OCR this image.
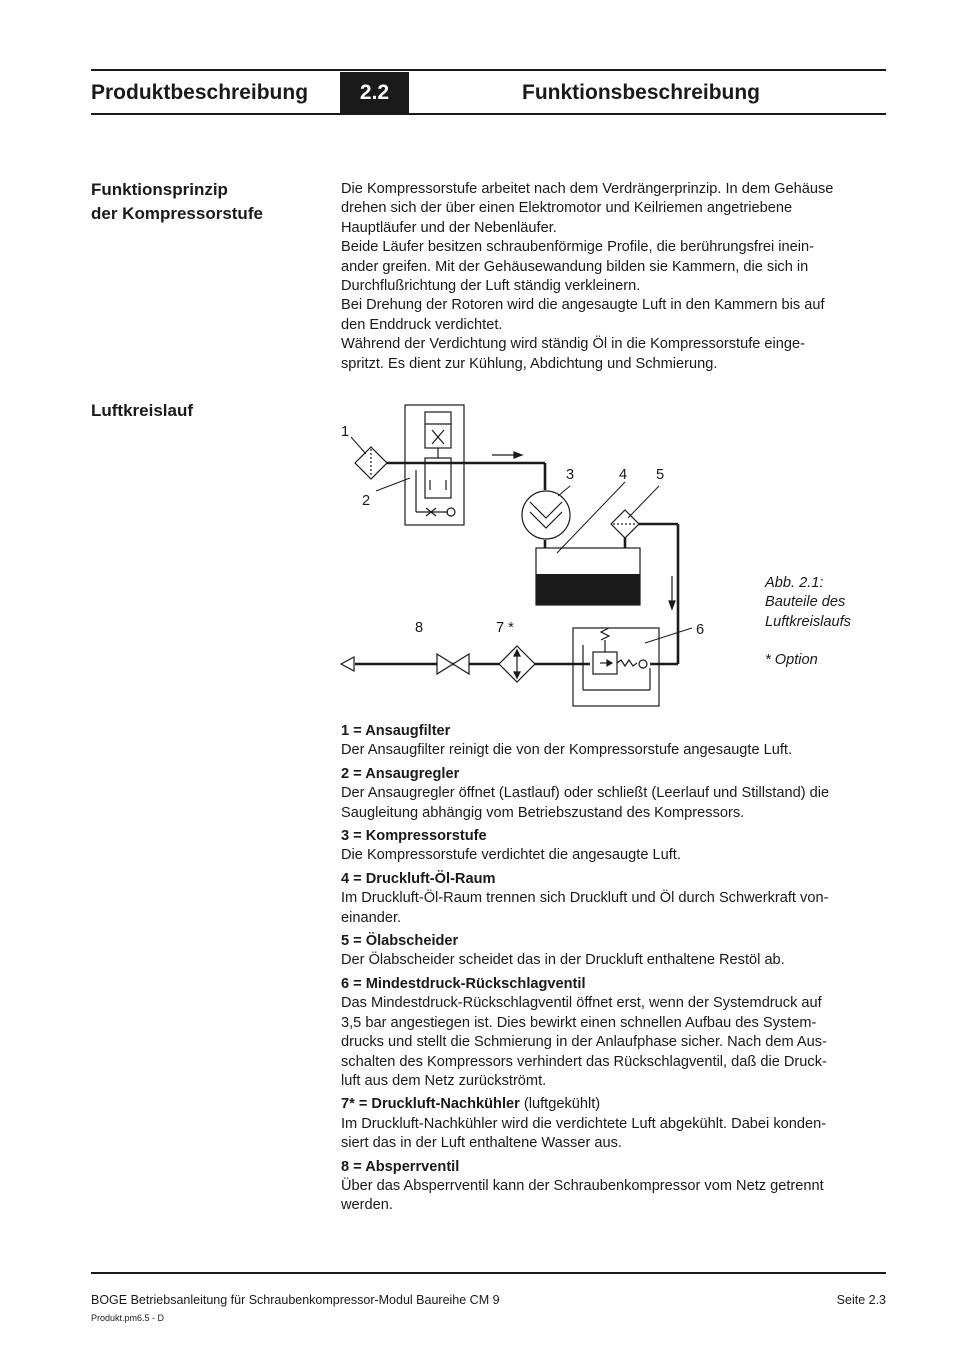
Produktbeschreibung	2.2	Funktionsbeschreibung
Funktionsprinzip
der Kompressorstufe

Die Kompressorstufe arbeitet nach dem Verdrängerprinzip. In dem Gehäuse

drehen sich der über einen Elektromotor und Keilriemen angetriebene

Hauptläufer und der Nebenläufer.

Beide Läufer besitzen schraubenförmige Profile, die berührungsfrei inein-

ander greifen. Mit der Gehäusewandung bilden sie Kammern, die sich in

Durchflußrichtung der Luft ständig verkleinern.

Bei Drehung der Rotoren wird die angesaugte Luft in den Kammern bis auf

den Enddruck verdichtet.

Während der Verdichtung wird ständig Öl in die Kompressorstufe einge-

spritzt. Es dient zur Kühlung, Abdichtung und Schmierung.

Luftkreislauf
1
2
3	4 5
6
7 *
8
Abb. 2.1:
Bauteile des
Luftkreislaufs
* Option
1 = Ansaugfilter
Der Ansaugfilter reinigt die von der Kompressorstufe angesaugte Luft.
2 = Ansaugregler
Der Ansaugregler öffnet (Lastlauf) oder schließt (Leerlauf und Stillstand) die
Saugleitung abhängig vom Betriebszustand des Kompressors.
3 = Kompressorstufe
Die Kompressorstufe verdichtet die angesaugte Luft.
4 = Druckluft-Öl-Raum
Im Druckluft-Öl-Raum trennen sich Druckluft und Öl durch Schwerkraft von-
einander.
5 = Ölabscheider
Der Ölabscheider scheidet das in der Druckluft enthaltene Restöl ab.
6 = Mindestdruck-Rückschlagventil
Das Mindestdruck-Rückschlagventil öffnet erst, wenn der Systemdruck auf
3,5 bar angestiegen ist. Dies bewirkt einen schnellen Aufbau des System-
drucks und stellt die Schmierung in der Anlaufphase sicher. Nach dem Aus-
schalten des Kompressors verhindert das Rückschlagventil, daß die Druck-
luft aus dem Netz zurückströmt.
7* = Druckluft-Nachkühler (luftgekühlt)
Im Druckluft-Nachkühler wird die verdichtete Luft abgekühlt. Dabei konden-
siert das in der Luft enthaltene Wasser aus.
8 = Absperrventil
Über das Absperrventil kann der Schraubenkompressor vom Netz getrennt
werden.
BOGE Betriebsanleitung für Schraubenkompressor-Modul Baureihe CM 9	Seite 2.3
Produkt.pm6.5 - D
